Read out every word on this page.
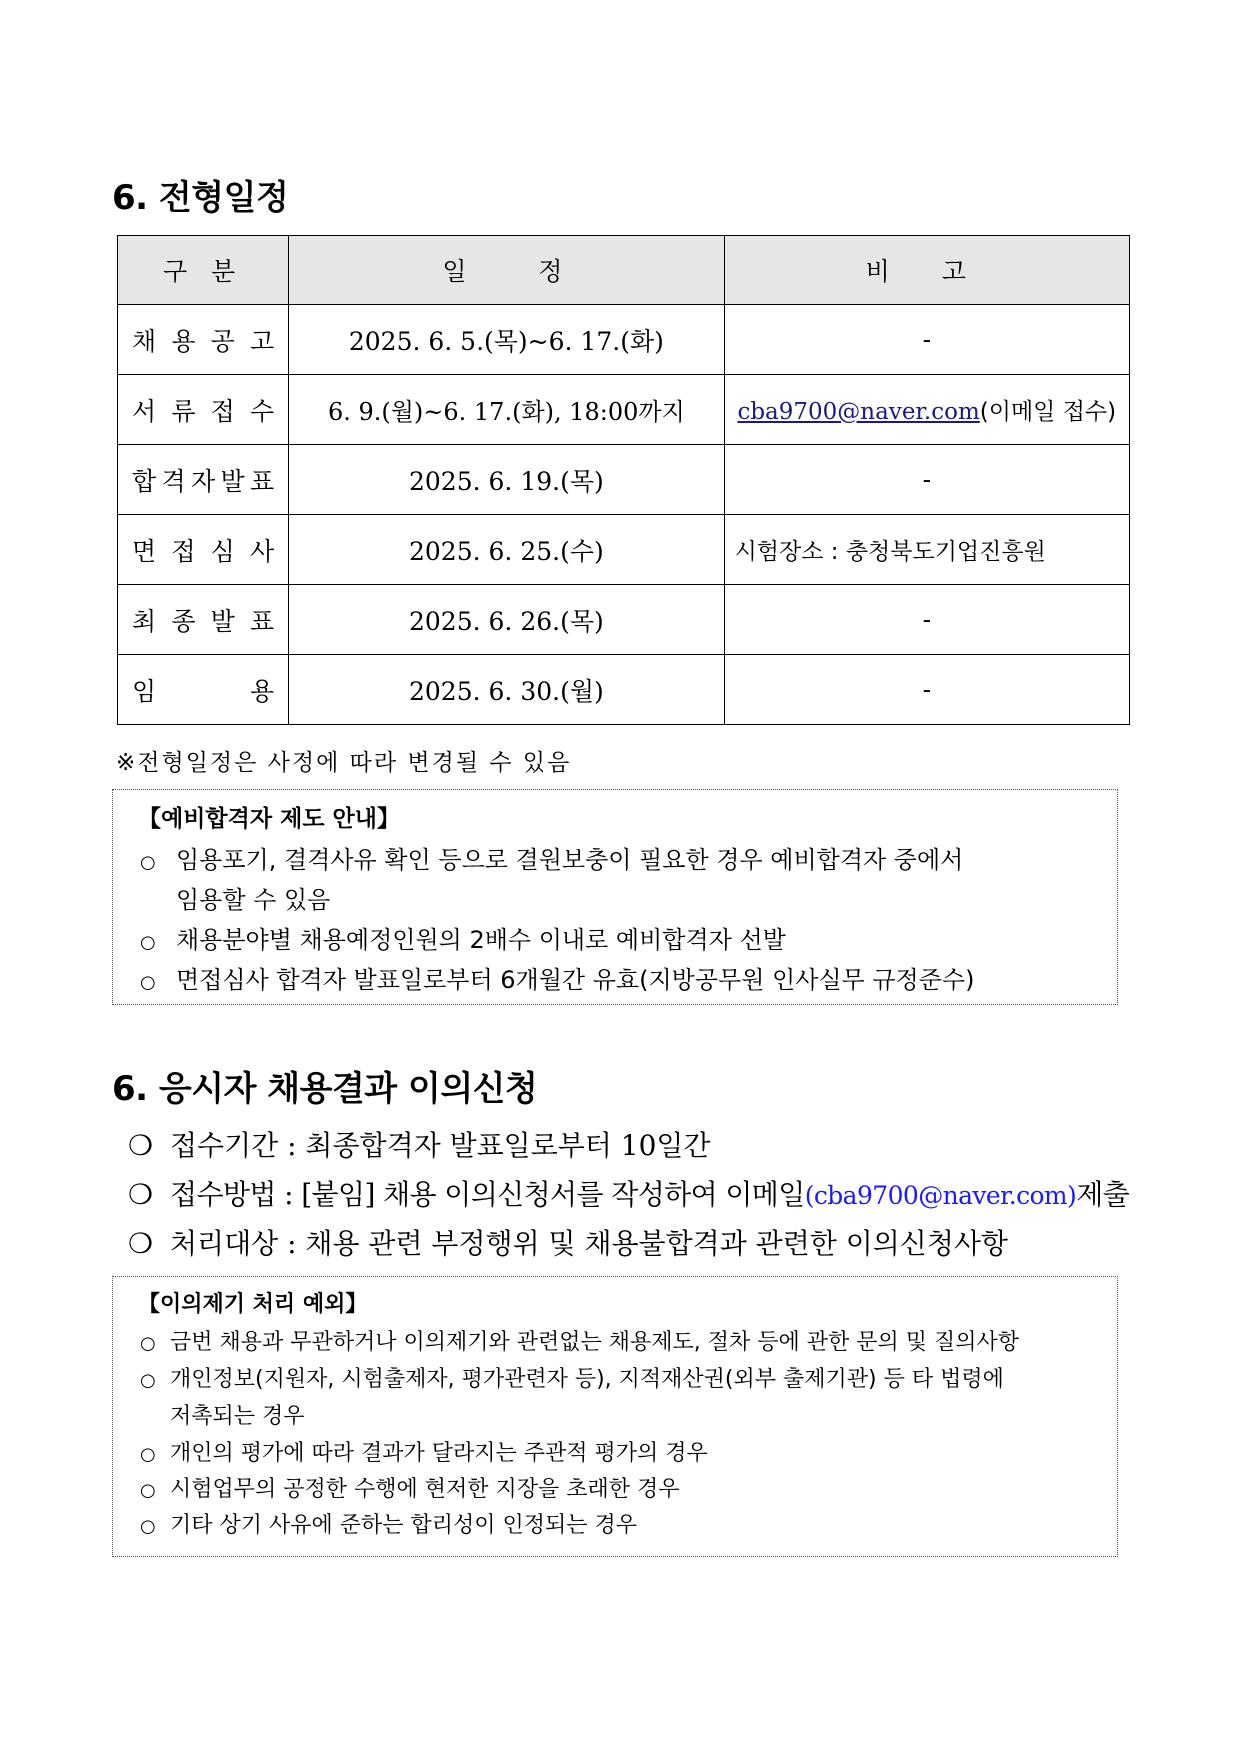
6. 전형일정
구 분	일    정	비 고

채 용 공 고	2025. 6. 5.(목)~6. 17.(화)	-

서 류 접 수	6. 9.(월)~6. 17.(화), 18:00까지	cba9700@naver.com(이메일 접수)

합 격 자 발 표	2025. 6. 19.(목)	-

면 접 심 사	2025. 6. 25.(수)	시험장소 : 충청북도기업진흥원

최 종 발 표	2025. 6. 26.(목)	-

임 용	2025. 6. 30.(월)	-
※전형일정은 사정에 따라 변경될 수 있음
【예비합격자 제도 안내】
○ 임용포기, 결격사유 확인 등으로 결원보충이 필요한 경우 예비합격자 중에서
임용할 수 있음
○ 채용분야별 채용예정인원의 2배수 이내로 예비합격자 선발
○ 면접심사 합격자 발표일로부터 6개월간 유효(지방공무원 인사실무 규정준수)
6. 응시자 채용결과 이의신청
❍ 접수기간 : 최종합격자 발표일로부터 10일간
❍ 접수방법 : [붙임] 채용 이의신청서를 작성하여 이메일(cba9700@naver.com)제출
❍ 처리대상 : 채용 관련 부정행위 및 채용불합격과 관련한 이의신청사항
【이의제기 처리 예외】
○ 금번 채용과 무관하거나 이의제기와 관련없는 채용제도, 절차 등에 관한 문의 및 질의사항
○ 개인정보(지원자, 시험출제자, 평가관련자 등), 지적재산권(외부 출제기관) 등 타 법령에
저촉되는 경우
○ 개인의 평가에 따라 결과가 달라지는 주관적 평가의 경우
○ 시험업무의 공정한 수행에 현저한 지장을 초래한 경우
○ 기타 상기 사유에 준하는 합리성이 인정되는 경우
